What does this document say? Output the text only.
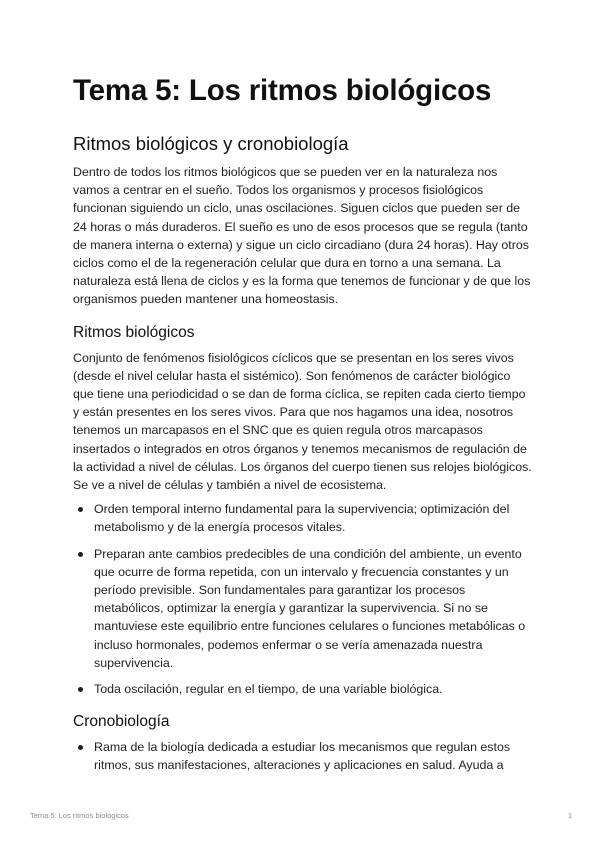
Tema 5: Los ritmos biológicos
Ritmos biológicos y cronobiología

Dentro de todos los ritmos biológicos que se pueden ver en la naturaleza nos vamos a centrar en el sueño. Todos los organismos y procesos fisiológicos funcionan siguiendo un ciclo, unas oscilaciones. Siguen ciclos que pueden ser de 24 horas o más duraderos. El sueño es uno de esos procesos que se regula (tanto de manera interna o externa) y sigue un ciclo circadiano (dura 24 horas). Hay otros ciclos como el de la regeneración celular que dura en torno a una semana. La naturaleza está llena de ciclos y es la forma que tenemos de funcionar y de que los organismos pueden mantener una homeostasis.

Ritmos biológicos

Conjunto de fenómenos fisiológicos cíclicos que se presentan en los seres vivos (desde el nivel celular hasta el sistémico). Son fenómenos de carácter biológico que tiene una periodicidad o se dan de forma cíclica, se repiten cada cierto tiempo y están presentes en los seres vivos. Para que nos hagamos una idea, nosotros tenemos un marcapasos en el SNC que es quien regula otros marcapasos insertados o integrados en otros órganos y tenemos mecanismos de regulación de la actividad a nivel de células. Los órganos del cuerpo tienen sus relojes biológicos. Se ve a nivel de células y también a nivel de ecosistema.

Orden temporal interno fundamental para la supervivencia; optimización del metabolismo y de la energía procesos vitales.
Preparan ante cambios predecibles de una condición del ambiente, un evento que ocurre de forma repetida, con un intervalo y frecuencia constantes y un período previsible. Son fundamentales para garantizar los procesos metabólicos, optimizar la energía y garantizar la supervivencia. Si no se mantuviese este equilibrio entre funciones celulares o funciones metabólicas o incluso hormonales, podemos enfermar o se vería amenazada nuestra supervivencia.
Toda oscilación, regular en el tiempo, de una variable biológica.
Cronobiología
Rama de la biología dedicada a estudiar los mecanismos que regulan estos ritmos, sus manifestaciones, alteraciones y aplicaciones en salud. Ayuda a
Tema 5: Los ritmos biológicos	1
